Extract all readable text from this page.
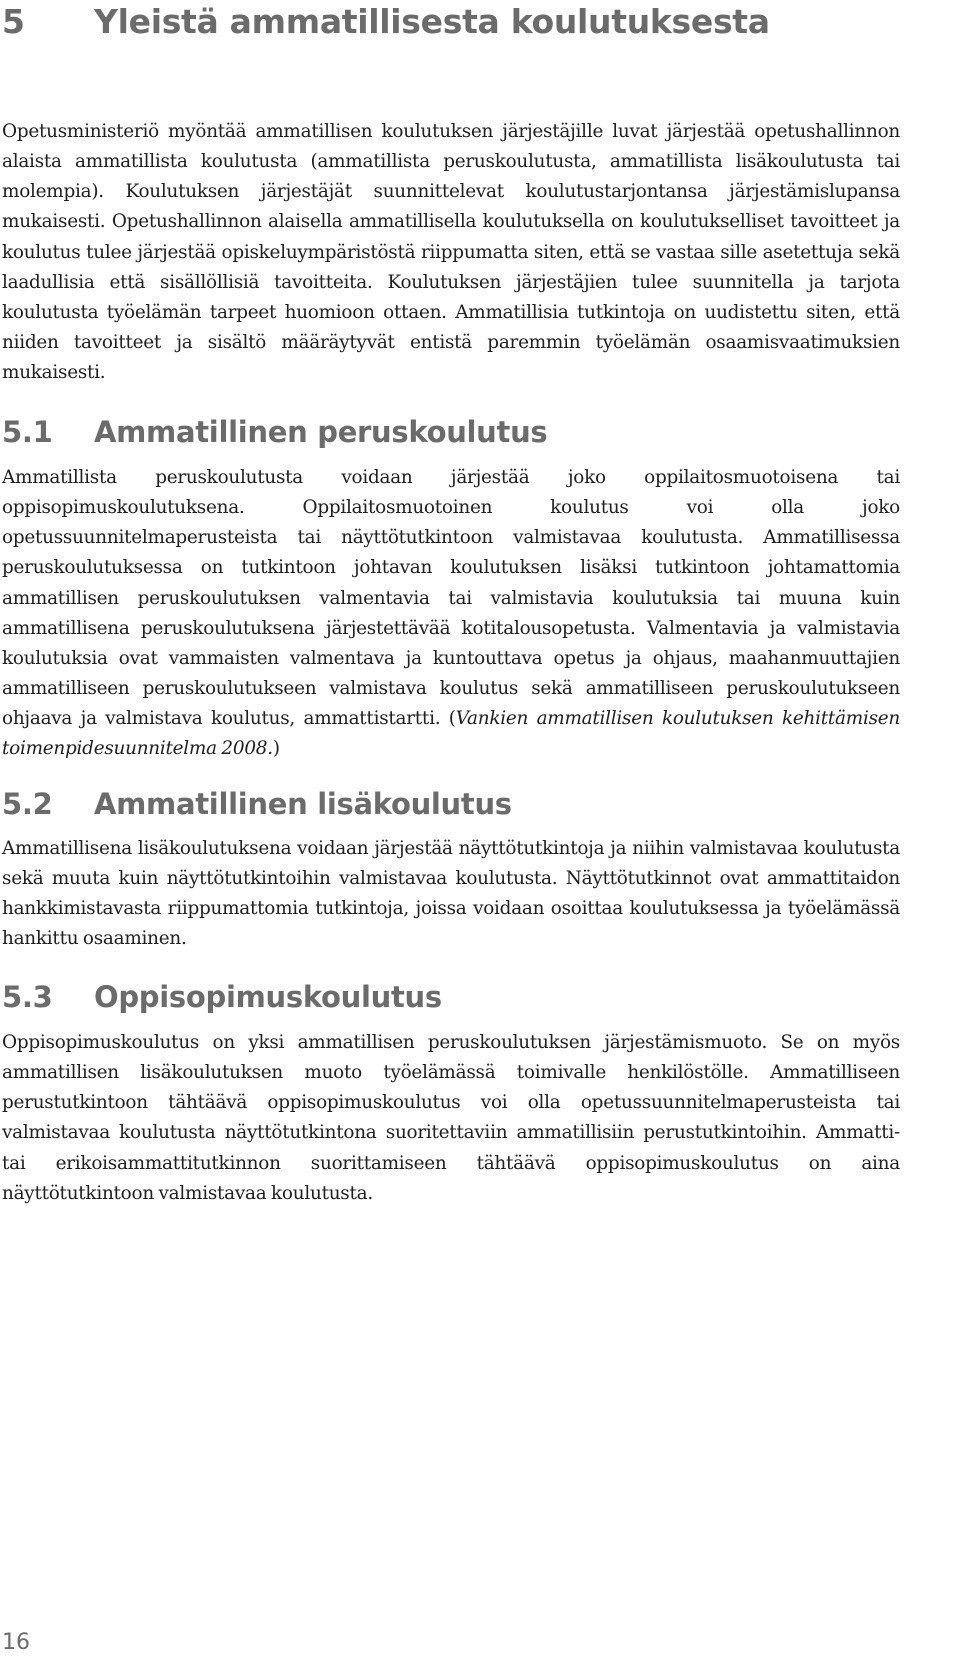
5 Yleistä ammatillisesta koulutuksesta

Opetusministeriö myöntää ammatillisen koulutuksen järjestäjille luvat järjestää opetushallinnon alaista ammatillista koulutusta (ammatillista peruskoulutusta, ammatillista lisäkoulutusta tai molempia). Koulutuksen järjestäjät suunnittelevat koulutustarjontansa järjestämislupansa mukaisesti. Opetushallinnon alaisella ammatillisella koulutuksella on koulutukselliset tavoitteet ja koulutus tulee järjestää opiskeluympäristöstä riippumatta siten, että se vastaa sille asetettuja sekä laadullisia että sisällöllisiä tavoitteita. Koulutuksen järjestäjien tulee suunnitella ja tarjota koulutusta työelämän tarpeet huomioon ottaen. Ammatillisia tutkintoja on uudistettu siten, että niiden tavoitteet ja sisältö määräytyvät entistä paremmin työelämän osaamisvaatimuksien mukaisesti.

5.1 Ammatillinen peruskoulutus

Ammatillista peruskoulutusta voidaan järjestää joko oppilaitosmuotoisena tai oppisopimuskoulutuksena. Oppilaitosmuotoinen koulutus voi olla joko opetussuunnitelmaperusteista tai näyttötutkintoon valmistavaa koulutusta. Ammatillisessa peruskoulutuksessa on tutkintoon johtavan koulutuksen lisäksi tutkintoon johtamattomia ammatillisen peruskoulutuksen valmentavia tai valmistavia koulutuksia tai muuna kuin ammatillisena peruskoulutuksena järjestettävää kotitalousopetusta. Valmentavia ja valmistavia koulutuksia ovat vammaisten valmentava ja kuntouttava opetus ja ohjaus, maahanmuuttajien ammatilliseen peruskoulutukseen valmistava koulutus sekä ammatilliseen peruskoulutukseen ohjaava ja valmistava koulutus, ammattistartti. (Vankien ammatillisen koulutuksen kehittämisen toimenpidesuunnitelma 2008.)

5.2 Ammatillinen lisäkoulutus

Ammatillisena lisäkoulutuksena voidaan järjestää näyttötutkintoja ja niihin valmistavaa koulutusta sekä muuta kuin näyttötutkintoihin valmistavaa koulutusta. Näyttötutkinnot ovat ammattitaidon hankkimistavasta riippumattomia tutkintoja, joissa voidaan osoittaa koulutuksessa ja työelämässä hankittu osaaminen.

5.3 Oppisopimuskoulutus

Oppisopimuskoulutus on yksi ammatillisen peruskoulutuksen järjestämismuoto. Se on myös ammatillisen lisäkoulutuksen muoto työelämässä toimivalle henkilöstölle. Ammatilliseen perustutkintoon tähtäävä oppisopimuskoulutus voi olla opetussuunnitelmaperusteista tai valmistavaa koulutusta näyttötutkintona suoritettaviin ammatillisiin perustutkintoihin. Ammatti- tai erikoisammattitutkinnon suorittamiseen tähtäävä oppisopimuskoulutus on aina näyttötutkintoon valmistavaa koulutusta.

16
